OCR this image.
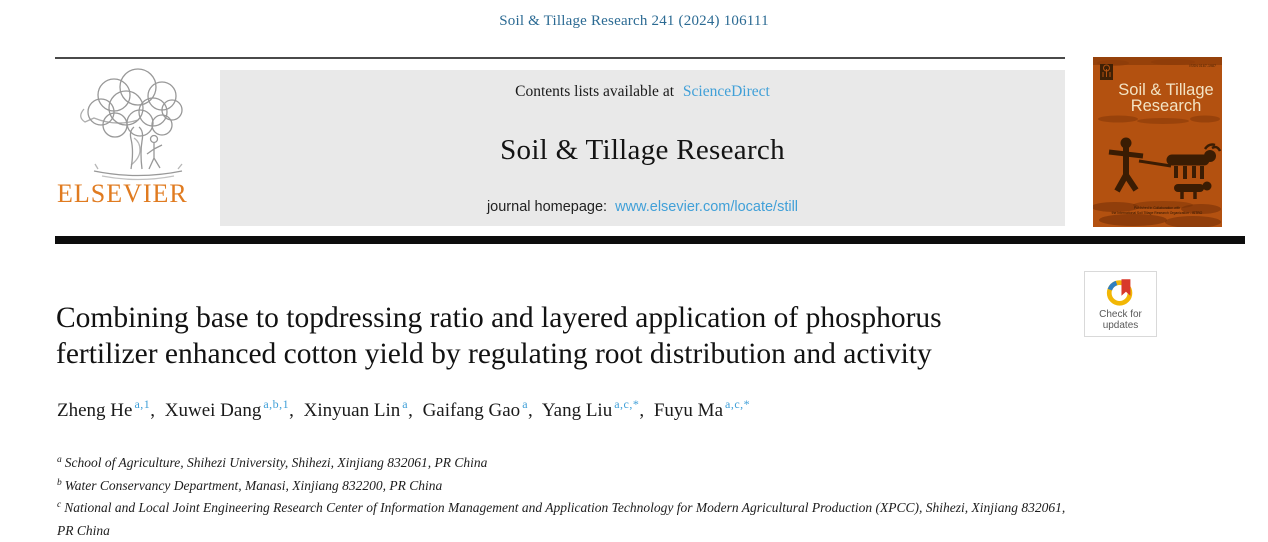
Soil & Tillage Research 241 (2024) 106111
ELSEVIER
Contents lists available at ScienceDirect
Soil & Tillage Research
journal homepage: www.elsevier.com/locate/still
ISSN 0167-1987
Soil & Tillage
Research
Published in Collaboration with
the International Soil Tillage Research Organization - ISTRO
Check for
updates
Combining base to topdressing ratio and layered application of phosphorus fertilizer enhanced cotton yield by regulating root distribution and activity
Zheng He $^{a,1}$, Xuwei Dang $^{a,b,1}$, Xinyuan Lin $^a$, Gaifang Gao $^a$, Yang Liu $^{a,c,*}$, Fuyu Ma $^{a,c,*}$
$^a$ School of Agriculture, Shihezi University, Shihezi, Xinjiang 832061, PR China
$^b$ Water Conservancy Department, Manasi, Xinjiang 832200, PR China
$^c$ National and Local Joint Engineering Research Center of Information Management and Application Technology for Modern Agricultural Production (XPCC), Shihezi, Xinjiang 832061, PR China
